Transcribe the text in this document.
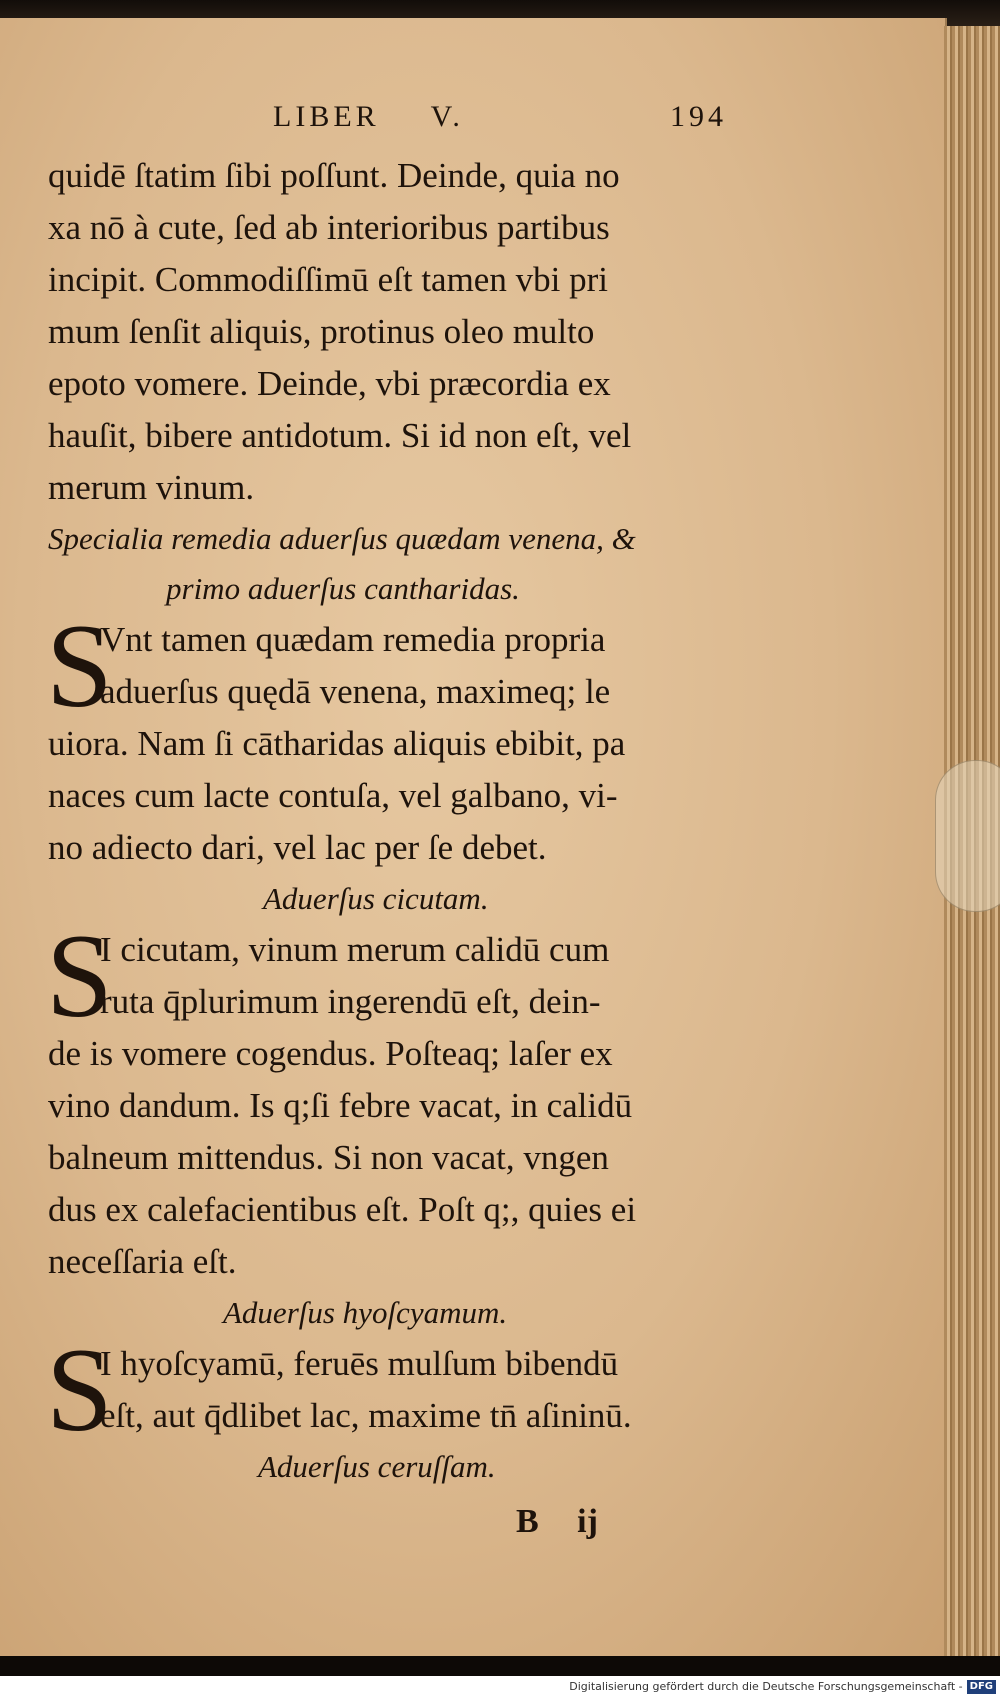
LIBER V.	194
quidē ſtatim ſibi poſſunt. Deinde, quia no
xa nō à cute, ſed ab interioribus partibus
incipit. Commodiſſimū eſt tamen vbi pri
mum ſenſit aliquis, protinus oleo multo
epoto vomere. Deinde, vbi præcordia ex
hauſit, bibere antidotum. Si id non eſt, vel
merum vinum.
Specialia remedia aduerſus quædam venena, &
primo aduerſus cantharidas.
S
Vnt tamen quædam remedia propria
aduerſus quędā venena, maximeq; le
uiora. Nam ſi cātharidas aliquis ebibit, pa
naces cum lacte contuſa, vel galbano, vi-
no adiecto dari, vel lac per ſe debet.
Aduerſus cicutam.
S
I cicutam, vinum merum calidū cum
ruta q̄plurimum ingerendū eſt, dein-
de is vomere cogendus. Poſteaq; laſer ex
vino dandum. Is q;ſi febre vacat, in calidū
balneum mittendus. Si non vacat, vngen
dus ex calefacientibus eſt. Poſt q;, quies ei
neceſſaria eſt.
Aduerſus hyoſcyamum.
S
I hyoſcyamū, feruēs mulſum bibendū
eſt, aut q̄dlibet lac, maxime tn̄ aſininū.
Aduerſus ceruſſam.
B ij
Digitalisierung gefördert durch die Deutsche Forschungsgemeinschaft - DFG
